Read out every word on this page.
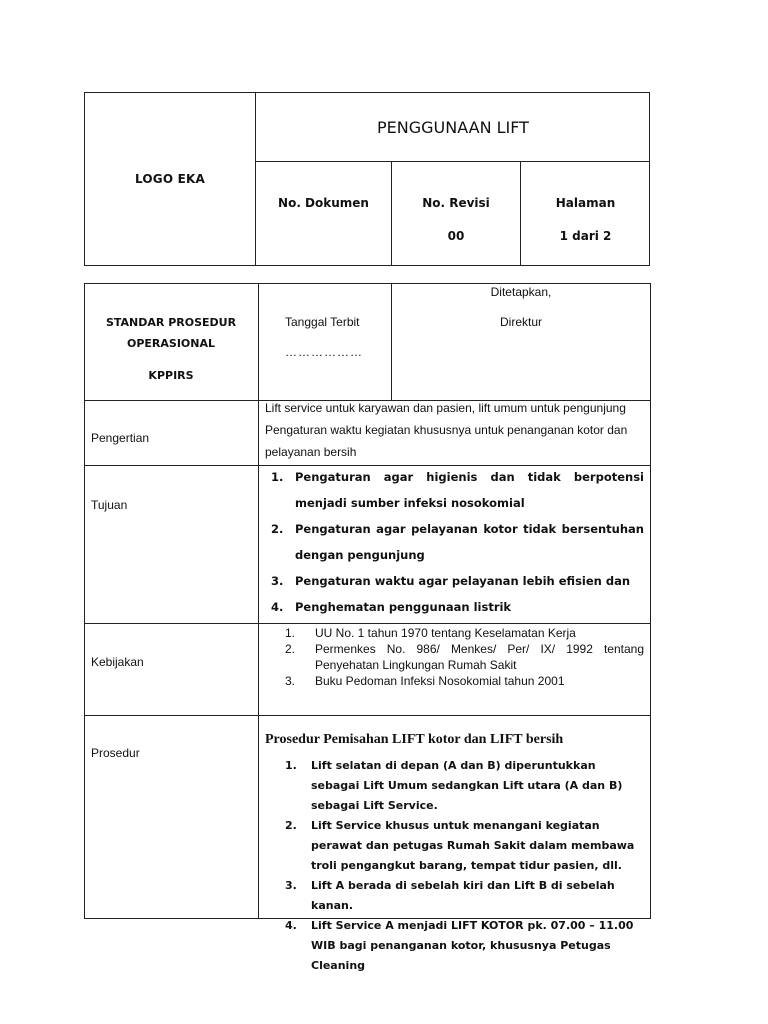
LOGO EKA
PENGGUNAAN LIFT
No. Dokumen	No. Revisi
00
Halaman
1 dari 2
STANDAR PROSEDUR
OPERASIONAL
KPPIRS
Tanggal Terbit
………………
Ditetapkan,
Direktur
Pengertian
Lift service untuk karyawan dan pasien, lift umum untuk pengunjung
Pengaturan waktu kegiatan khususnya untuk penanganan kotor dan
pelayanan bersih
Tujuan
1. Pengaturan agar higienis dan tidak berpotensi menjadi sumber infeksi nosokomial
2. Pengaturan agar pelayanan kotor tidak bersentuhan dengan pengunjung
3. Pengaturan waktu agar pelayanan lebih efisien dan
4. Penghematan penggunaan listrik
Kebijakan
1. UU No. 1 tahun 1970 tentang Keselamatan Kerja
2. Permenkes No. 986/ Menkes/ Per/ IX/ 1992 tentang Penyehatan Lingkungan Rumah Sakit
3. Buku Pedoman Infeksi Nosokomial tahun 2001
Prosedur
Prosedur Pemisahan LIFT kotor dan LIFT bersih
1. Lift selatan di depan (A dan B) diperuntukkan sebagai Lift Umum sedangkan Lift utara (A dan B) sebagai Lift Service.
2. Lift Service khusus untuk menangani kegiatan perawat dan petugas Rumah Sakit dalam membawa troli pengangkut barang, tempat tidur pasien, dll.
3. Lift A berada di sebelah kiri dan Lift B di sebelah kanan.
4. Lift Service A menjadi LIFT KOTOR pk. 07.00 – 11.00 WIB bagi penanganan kotor, khususnya Petugas Cleaning
